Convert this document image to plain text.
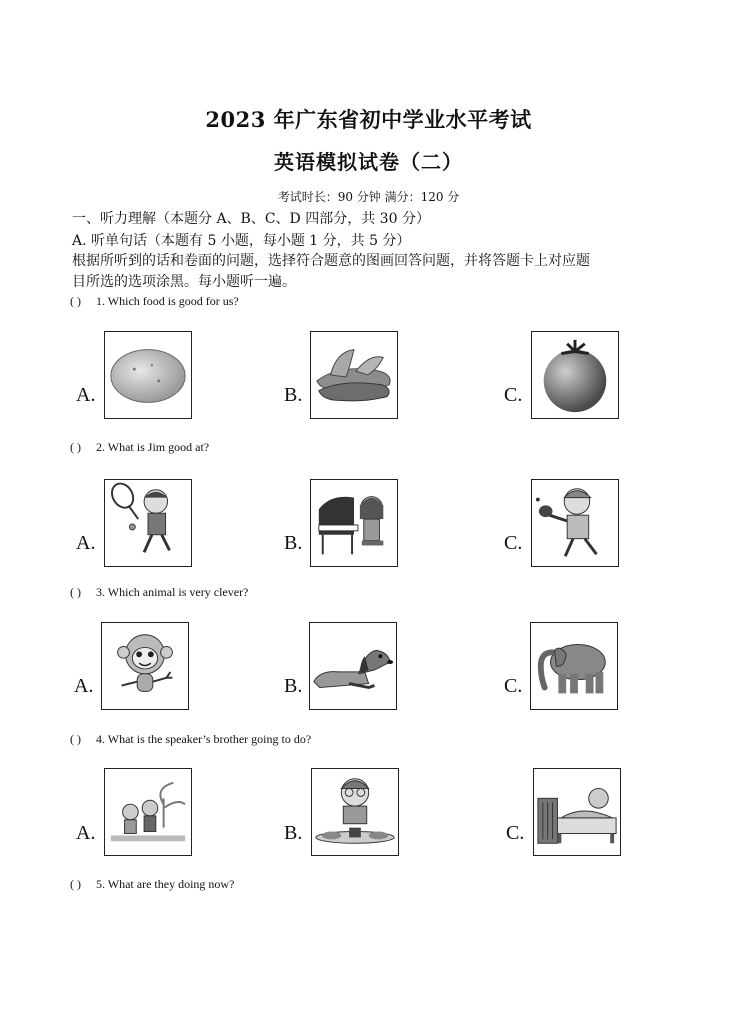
2023 年广东省初中学业水平考试
英语模拟试卷（二）
考试时长：90 分钟 满分：120 分
一、听力理解（本题分 A、B、C、D 四部分，共 30 分）
A. 听单句话（本题有 5 小题，每小题 1 分，共 5 分）
根据所听到的话和卷面的问题，选择符合题意的图画回答问题，并将答题卡上对应题
目所选的选项涂黑。每小题听一遍。
( ) 1. Which food is good for us?
A.	B.	C.
( ) 2. What is Jim good at?
A.	B.	C.
( ) 3. Which animal is very clever?
A.	B.	C.
( ) 4. What is the speaker’s brother going to do?
A.	B.	C.
( ) 5. What are they doing now?
